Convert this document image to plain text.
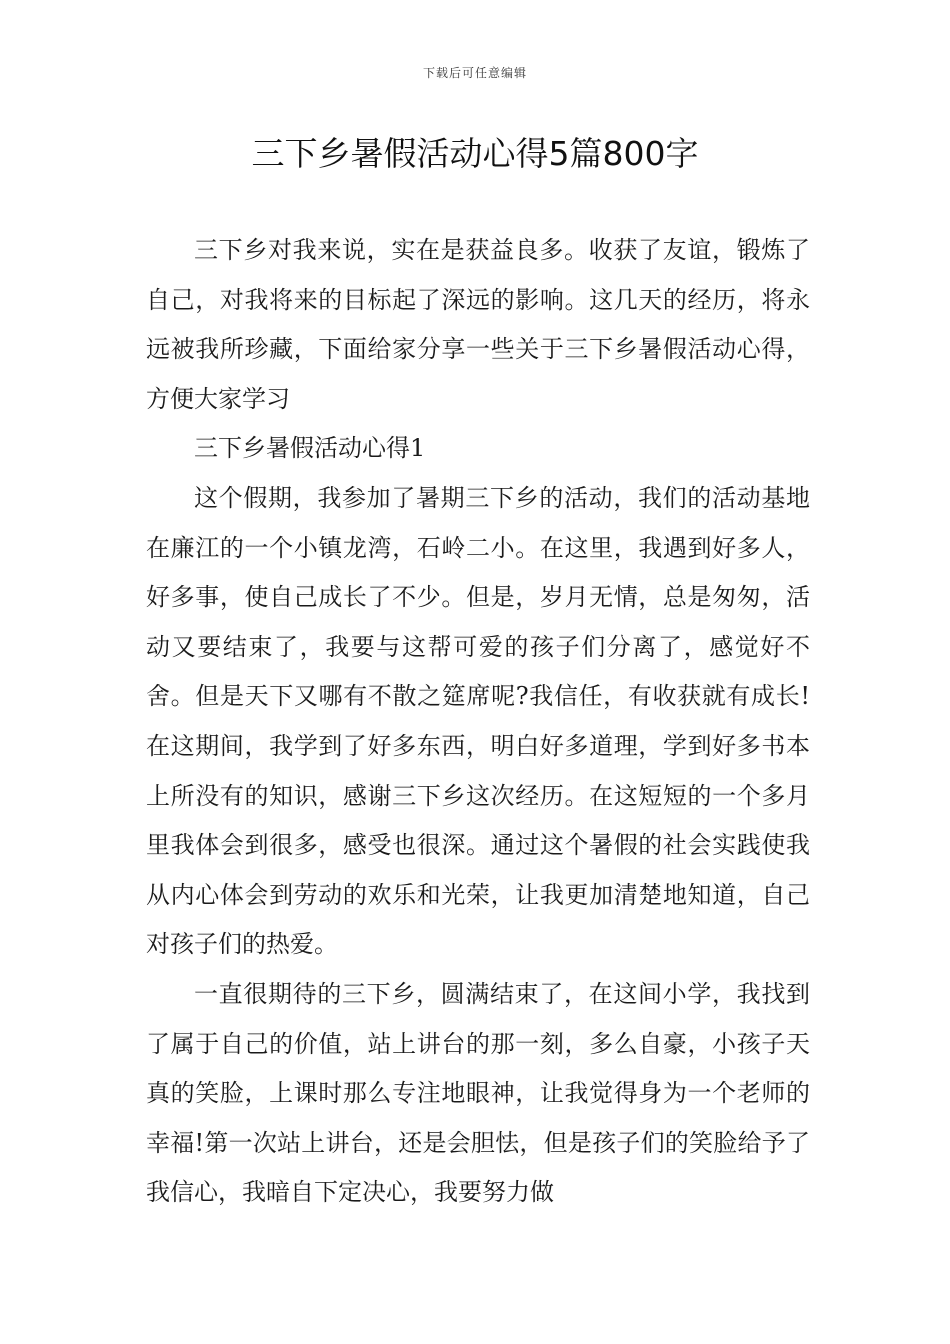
下载后可任意编辑
三下乡暑假活动心得5篇800字

三下乡对我来说，实在是获益良多。收获了友谊，锻炼了自己，对我将来的目标起了深远的影响。这几天的经历，将永远被我所珍藏，下面给家分享一些关于三下乡暑假活动心得，方便大家学习

三下乡暑假活动心得1

这个假期，我参加了暑期三下乡的活动，我们的活动基地在廉江的一个小镇龙湾，石岭二小。在这里，我遇到好多人，好多事，使自己成长了不少。但是，岁月无情，总是匆匆，活动又要结束了，我要与这帮可爱的孩子们分离了，感觉好不舍。但是天下又哪有不散之筵席呢?我信任，有收获就有成长!在这期间，我学到了好多东西，明白好多道理，学到好多书本上所没有的知识，感谢三下乡这次经历。在这短短的一个多月里我体会到很多，感受也很深。通过这个暑假的社会实践使我从内心体会到劳动的欢乐和光荣，让我更加清楚地知道，自己对孩子们的热爱。

一直很期待的三下乡，圆满结束了，在这间小学，我找到了属于自己的价值，站上讲台的那一刻，多么自豪，小孩子天真的笑脸，上课时那么专注地眼神，让我觉得身为一个老师的幸福!第一次站上讲台，还是会胆怯，但是孩子们的笑脸给予了我信心，我暗自下定决心，我要努力做
